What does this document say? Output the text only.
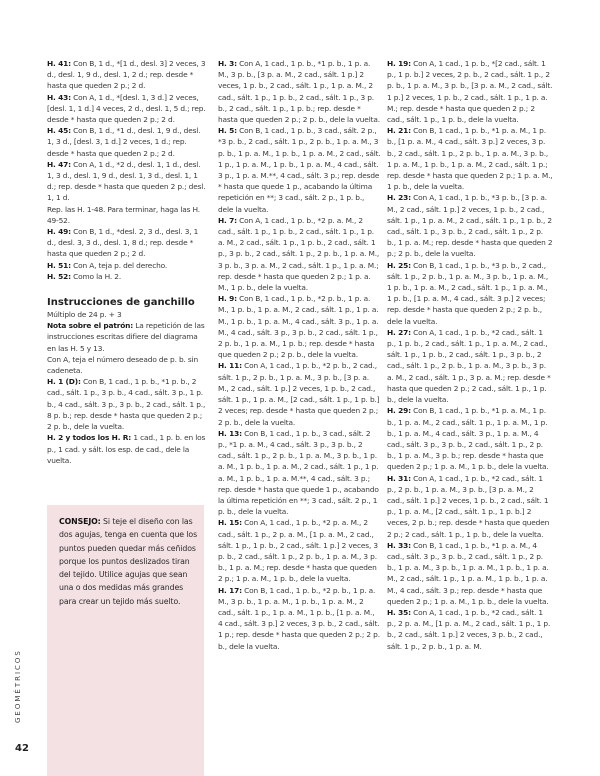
H. 41: Con B, 1 d., *[1 d., desl. 3] 2 veces, 3 d., desl. 1, 9 d., desl. 1, 2 d.; rep. desde * hasta que queden 2 p.; 2 d.

H. 43: Con A, 1 d., *[desl. 1, 3 d.] 2 veces, [desl. 1, 1 d.] 4 veces, 2 d., desl. 1, 5 d.; rep. desde * hasta que queden 2 p.; 2 d.

H. 45: Con B, 1 d., *1 d., desl. 1, 9 d., desl. 1, 3 d., [desl. 3, 1 d.] 2 veces, 1 d.; rep. desde * hasta que queden 2 p.; 2 d.

H. 47: Con A, 1 d., *2 d., desl. 1, 1 d., desl. 1, 3 d., desl. 1, 9 d., desl. 1, 3 d., desl. 1, 1 d.; rep. desde * hasta que queden 2 p.; desl. 1, 1 d.

Rep. las H. 1-48. Para terminar, haga las H. 49-52.

H. 49: Con B, 1 d., *desl. 2, 3 d., desl. 3, 1 d., desl. 3, 3 d., desl. 1, 8 d.; rep. desde * hasta que queden 2 p.; 2 d.

H. 51: Con A, teja p. del derecho.

H. 52: Como la H. 2.

Instrucciones de ganchillo

Múltiplo de 24 p. + 3

Nota sobre el patrón: La repetición de las instrucciones escritas difiere del diagrama en las H. 5 y 13.

Con A, teja el número deseado de p. b. sin cadeneta.

H. 1 (D): Con B, 1 cad., 1 p. b., *1 p. b., 2 cad., sált. 1 p., 3 p. b., 4 cad., sált. 3 p., 1 p. b., 4 cad., sált. 3 p., 3 p. b., 2 cad., sált. 1 p., 8 p. b.; rep. desde * hasta que queden 2 p.; 2 p. b., dele la vuelta.

H. 2 y todos los H. R: 1 cad., 1 p. b. en los p., 1 cad. y sált. los esp. de cad., dele la vuelta.

CONSEJO: Si teje el diseño con las dos agujas, tenga en cuenta que los puntos pueden quedar más ceñidos porque los puntos deslizados tiran del tejido. Utilice agujas que sean una o dos medidas más grandes para crear un tejido más suelto.

H. 3: Con A, 1 cad., 1 p. b., *1 p. b., 1 p. a. M., 3 p. b., [3 p. a. M., 2 cad., sált. 1 p.] 2 veces, 1 p. b., 2 cad., sált. 1 p., 1 p. a. M., 2 cad., sált. 1 p., 1 p. b., 2 cad., sált. 1 p., 3 p. b., 2 cad., sált. 1 p., 1 p. b.; rep. desde * hasta que queden 2 p.; 2 p. b., dele la vuelta.

H. 5: Con B, 1 cad., 1 p. b., 3 cad., sált. 2 p., *3 p. b., 2 cad., sált. 1 p., 2 p. b., 1 p. a. M., 3 p. b., 1 p. a. M., 1 p. b., 1 p. a. M., 2 cad., sált. 1 p., 1 p. a. M., 1 p. b., 1 p. a. M., 4 cad., sált. 3 p., 1 p. a. M.**, 4 cad., sált. 3 p.; rep. desde * hasta que quede 1 p., acabando la última repetición en **; 3 cad., sált. 2 p., 1 p. b., dele la vuelta.

H. 7: Con A, 1 cad., 1 p. b., *2 p. a. M., 2 cad., sált. 1 p., 1 p. b., 2 cad., sált. 1 p., 1 p. a. M., 2 cad., sált. 1 p., 1 p. b., 2 cad., sált. 1 p., 3 p. b., 2 cad., sált. 1 p., 2 p. b., 1 p. a. M., 3 p. b., 3 p. a. M., 2 cad., sált. 1 p., 1 p. a. M.; rep. desde * hasta que queden 2 p.; 1 p. a. M., 1 p. b., dele la vuelta.

H. 9: Con B, 1 cad., 1 p. b., *2 p. b., 1 p. a. M., 1 p. b., 1 p. a. M., 2 cad., sált. 1 p., 1 p. a. M., 1 p. b., 1 p. a. M., 4 cad., sált. 3 p., 1 p. a. M., 4 cad., sált. 3 p., 3 p. b., 2 cad., sált. 1 p., 2 p. b., 1 p. a. M., 1 p. b.; rep. desde * hasta que queden 2 p.; 2 p. b., dele la vuelta.

H. 11: Con A, 1 cad., 1 p. b., *2 p. b., 2 cad., sált. 1 p., 2 p. b., 1 p. a. M., 3 p. b., [3 p. a. M., 2 cad., sált. 1 p.] 2 veces, 1 p. b., 2 cad., sált. 1 p., 1 p. a. M., [2 cad., sált. 1 p., 1 p. b.] 2 veces; rep. desde * hasta que queden 2 p.; 2 p. b., dele la vuelta.

H. 13: Con B, 1 cad., 1 p. b., 3 cad., sált. 2 p., *1 p. a. M., 4 cad., sált. 3 p., 3 p. b., 2 cad., sált. 1 p., 2 p. b., 1 p. a. M., 3 p. b., 1 p. a. M., 1 p. b., 1 p. a. M., 2 cad., sált. 1 p., 1 p. a. M., 1 p. b., 1 p. a. M.**, 4 cad., sált. 3 p.; rep. desde * hasta que quede 1 p., acabando la última repetición en **; 3 cad., sált. 2 p., 1 p. b., dele la vuelta.

H. 15: Con A, 1 cad., 1 p. b., *2 p. a. M., 2 cad., sált. 1 p., 2 p. a. M., [1 p. a. M., 2 cad., sált. 1 p., 1 p. b., 2 cad., sált. 1 p.] 2 veces, 3 p. b., 2 cad., sált. 1 p., 2 p. b., 1 p. a. M., 3 p. b., 1 p. a. M.; rep. desde * hasta que queden 2 p.; 1 p. a. M., 1 p. b., dele la vuelta.

H. 17: Con B, 1 cad., 1 p. b., *2 p. b., 1 p. a. M., 3 p. b., 1 p. a. M., 1 p. b., 1 p. a. M., 2 cad., sált. 1 p., 1 p. a. M., 1 p. b., [1 p. a. M., 4 cad., sált. 3 p.] 2 veces, 3 p. b., 2 cad., sált. 1 p.; rep. desde * hasta que queden 2 p.; 2 p. b., dele la vuelta.

H. 19: Con A, 1 cad., 1 p. b., *[2 cad., sált. 1 p., 1 p. b.] 2 veces, 2 p. b., 2 cad., sált. 1 p., 2 p. b., 1 p. a. M., 3 p. b., [3 p. a. M., 2 cad., sált. 1 p.] 2 veces, 1 p. b., 2 cad., sált. 1 p., 1 p. a. M.; rep. desde * hasta que queden 2 p.; 2 cad., sált. 1 p., 1 p. b., dele la vuelta.

H. 21: Con B, 1 cad., 1 p. b., *1 p. a. M., 1 p. b., [1 p. a. M., 4 cad., sált. 3 p.] 2 veces, 3 p. b., 2 cad., sált. 1 p., 2 p. b., 1 p. a. M., 3 p. b., 1 p. a. M., 1 p. b., 1 p. a. M., 2 cad., sált. 1 p.; rep. desde * hasta que queden 2 p.; 1 p. a. M., 1 p. b., dele la vuelta.

H. 23: Con A, 1 cad., 1 p. b., *3 p. b., [3 p. a. M., 2 cad., sált. 1 p.] 2 veces, 1 p. b., 2 cad., sált. 1 p., 1 p. a. M., 2 cad., sált. 1 p., 1 p. b., 2 cad., sált. 1 p., 3 p. b., 2 cad., sált. 1 p., 2 p. b., 1 p. a. M.; rep. desde * hasta que queden 2 p.; 2 p. b., dele la vuelta.

H. 25: Con B, 1 cad., 1 p. b., *3 p. b., 2 cad., sált. 1 p., 2 p. b., 1 p. a. M., 3 p. b., 1 p. a. M., 1 p. b., 1 p. a. M., 2 cad., sált. 1 p., 1 p. a. M., 1 p. b., [1 p. a. M., 4 cad., sált. 3 p.] 2 veces; rep. desde * hasta que queden 2 p.; 2 p. b., dele la vuelta.

H. 27: Con A, 1 cad., 1 p. b., *2 cad., sált. 1 p., 1 p. b., 2 cad., sált. 1 p., 1 p. a. M., 2 cad., sált. 1 p., 1 p. b., 2 cad., sált. 1 p., 3 p. b., 2 cad., sált. 1 p., 2 p. b., 1 p. a. M., 3 p. b., 3 p. a. M., 2 cad., sált. 1 p., 3 p. a. M.; rep. desde * hasta que queden 2 p.; 2 cad., sált. 1 p., 1 p. b., dele la vuelta.

H. 29: Con B, 1 cad., 1 p. b., *1 p. a. M., 1 p. b., 1 p. a. M., 2 cad., sált. 1 p., 1 p. a. M., 1 p. b., 1 p. a. M., 4 cad., sált. 3 p., 1 p. a. M., 4 cad., sált. 3 p., 3 p. b., 2 cad., sált. 1 p., 2 p. b., 1 p. a. M., 3 p. b.; rep. desde * hasta que queden 2 p.; 1 p. a. M., 1 p. b., dele la vuelta.

H. 31: Con A, 1 cad., 1 p. b., *2 cad., sált. 1 p., 2 p. b., 1 p. a. M., 3 p. b., [3 p. a. M., 2 cad., sált. 1 p.] 2 veces, 1 p. b., 2 cad., sált. 1 p., 1 p. a. M., [2 cad., sált. 1 p., 1 p. b.] 2 veces, 2 p. b.; rep. desde * hasta que queden 2 p.; 2 cad., sált. 1 p., 1 p. b., dele la vuelta.

H. 33: Con B, 1 cad., 1 p. b., *1 p. a. M., 4 cad., sált. 3 p., 3 p. b., 2 cad., sált. 1 p., 2 p. b., 1 p. a. M., 3 p. b., 1 p. a. M., 1 p. b., 1 p. a. M., 2 cad., sált. 1 p., 1 p. a. M., 1 p. b., 1 p. a. M., 4 cad., sált. 3 p.; rep. desde * hasta que queden 2 p.; 1 p. a. M., 1 p. b., dele la vuelta.

H. 35: Con A, 1 cad., 1 p. b., *2 cad., sált. 1 p., 2 p. a. M., [1 p. a. M., 2 cad., sált. 1 p., 1 p. b., 2 cad., sált. 1 p.] 2 veces, 3 p. b., 2 cad., sált. 1 p., 2 p. b., 1 p. a. M.

GEOMÉTRICOS
42
